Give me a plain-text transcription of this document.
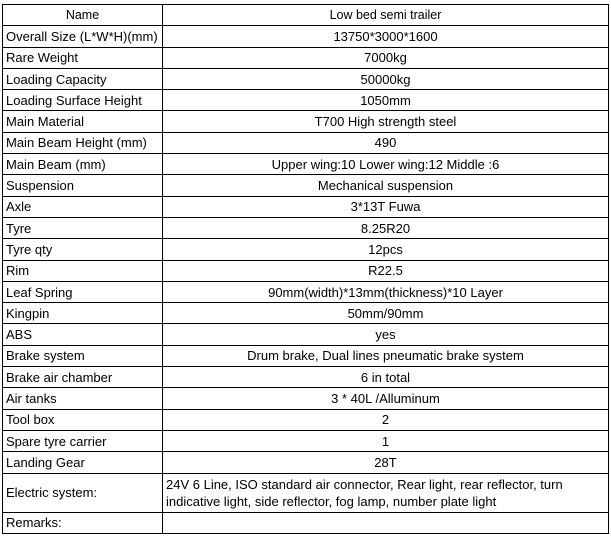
Name	Low bed semi trailer
Overall Size (L*W*H)(mm)	13750*3000*1600
Rare Weight	7000kg
Loading Capacity	50000kg
Loading Surface Height	1050mm
Main Material	T700 High strength steel
Main Beam Height (mm)	490
Main Beam (mm)	Upper wing:10 Lower wing:12 Middle :6
Suspension	Mechanical suspension
Axle	3*13T Fuwa
Tyre	8.25R20
Tyre qty	12pcs
Rim	R22.5
Leaf Spring	90mm(width)*13mm(thickness)*10 Layer
Kingpin	50mm/90mm
ABS	yes
Brake system	Drum brake, Dual lines pneumatic brake system
Brake air chamber	6 in total
Air tanks	3 * 40L /Alluminum
Tool box	2
Spare tyre carrier	1
Landing Gear	28T
Electric system:	24V 6 Line, ISO standard air connector, Rear light, rear reflector, turn indicative light, side reflector, fog lamp, number plate light
Remarks:	
